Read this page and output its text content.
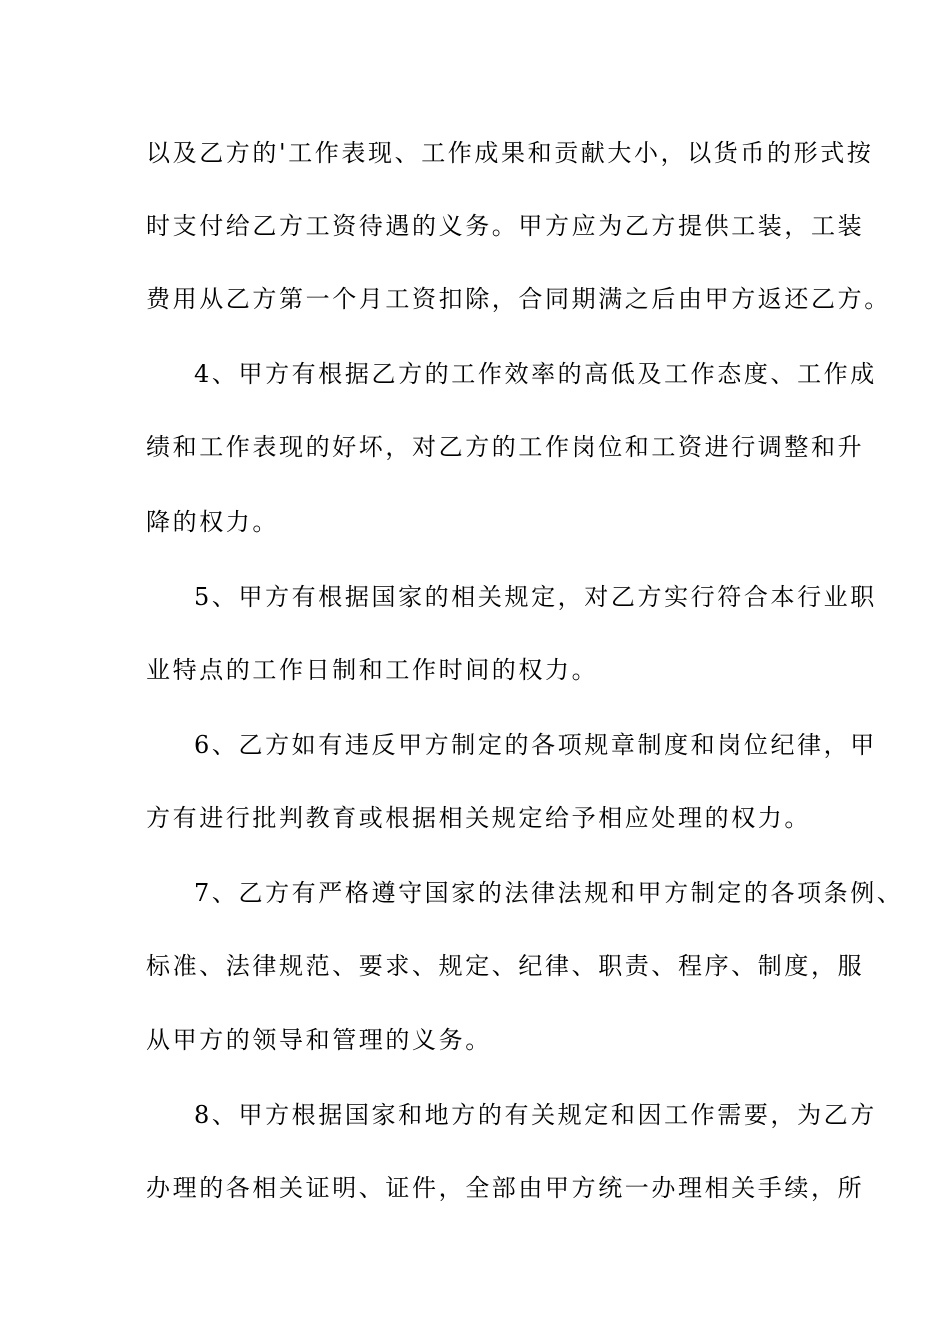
以及乙方的'工作表现、工作成果和贡献大小，以货币的形式按
时支付给乙方工资待遇的义务。甲方应为乙方提供工装，工装
费用从乙方第一个月工资扣除，合同期满之后由甲方返还乙方。
4、甲方有根据乙方的工作效率的高低及工作态度、工作成
绩和工作表现的好坏，对乙方的工作岗位和工资进行调整和升
降的权力。
5、甲方有根据国家的相关规定，对乙方实行符合本行业职
业特点的工作日制和工作时间的权力。
6、乙方如有违反甲方制定的各项规章制度和岗位纪律，甲
方有进行批判教育或根据相关规定给予相应处理的权力。
7、乙方有严格遵守国家的法律法规和甲方制定的各项条例、
标准、法律规范、要求、规定、纪律、职责、程序、制度，服
从甲方的领导和管理的义务。
8、甲方根据国家和地方的有关规定和因工作需要，为乙方
办理的各相关证明、证件，全部由甲方统一办理相关手续，所
